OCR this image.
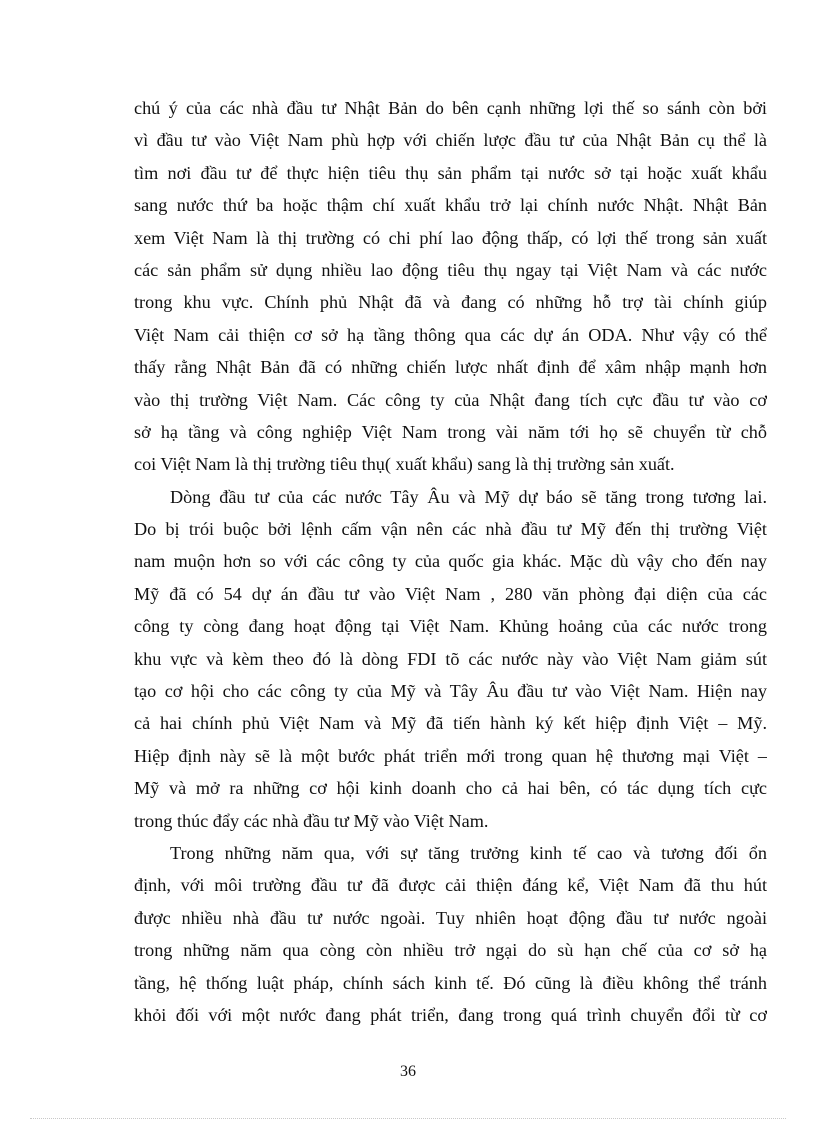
chú ý của các nhà đầu tư Nhật Bản do bên cạnh những lợi thế so sánh còn bởi
vì đầu tư vào Việt Nam phù hợp với chiến lược đầu tư của Nhật Bản cụ thể là
tìm nơi đầu tư để thực hiện tiêu thụ sản phẩm tại nước sở tại hoặc xuất khẩu
sang nước thứ ba hoặc thậm chí xuất khẩu trở lại chính nước Nhật. Nhật Bản
xem Việt Nam là thị trường có chi phí lao động thấp, có lợi thế trong sản xuất
các sản phẩm sử dụng nhiều lao động tiêu thụ ngay tại Việt Nam và các nước
trong khu vực. Chính phủ Nhật đã và đang có những hỗ trợ tài chính giúp
Việt Nam cải thiện cơ sở hạ tầng thông qua các dự án ODA. Như vậy có thể
thấy rằng Nhật Bản đã có những chiến lược nhất định để xâm nhập mạnh hơn
vào thị trường Việt Nam. Các công ty của Nhật đang tích cực đầu tư vào cơ
sở hạ tầng và công nghiệp Việt Nam trong vài năm tới họ sẽ chuyển từ chỗ
coi Việt Nam là thị trường tiêu thụ( xuất khẩu) sang là thị trường sản xuất.
Dòng đầu tư của các nước Tây Âu và Mỹ dự báo sẽ tăng trong tương lai.
Do bị trói buộc bởi lệnh cấm vận nên các nhà đầu tư Mỹ đến thị trường Việt
nam muộn hơn so với các công ty của quốc gia khác. Mặc dù vậy cho đến nay
Mỹ đã có 54 dự án đầu tư vào Việt Nam , 280 văn phòng đại diện của các
công ty còng đang hoạt động tại Việt Nam. Khủng hoảng của các nước trong
khu vực và kèm theo đó là dòng FDI tõ các nước này vào Việt Nam giảm sút
tạo cơ hội cho các công ty của Mỹ và Tây Âu đầu tư vào Việt Nam. Hiện nay
cả hai chính phủ Việt Nam và Mỹ đã tiến hành ký kết hiệp định Việt – Mỹ.
Hiệp định này sẽ là một bước phát triển mới trong quan hệ thương mại Việt –
Mỹ và mở ra những cơ hội kinh doanh cho cả hai bên, có tác dụng tích cực
trong thúc đẩy các nhà đầu tư Mỹ vào Việt Nam.
Trong những năm qua, với sự tăng trưởng kinh tế cao và tương đối ổn
định, với môi trường đầu tư đã được cải thiện đáng kể, Việt Nam đã thu hút
được nhiều nhà đầu tư nước ngoài. Tuy nhiên hoạt động đầu tư nước ngoài
trong những năm qua còng còn nhiều trở ngại do sù hạn chế của cơ sở hạ
tầng, hệ thống luật pháp, chính sách kinh tế. Đó cũng là điều không thể tránh
khỏi đối với một nước đang phát triển, đang trong quá trình chuyển đổi từ cơ
36
